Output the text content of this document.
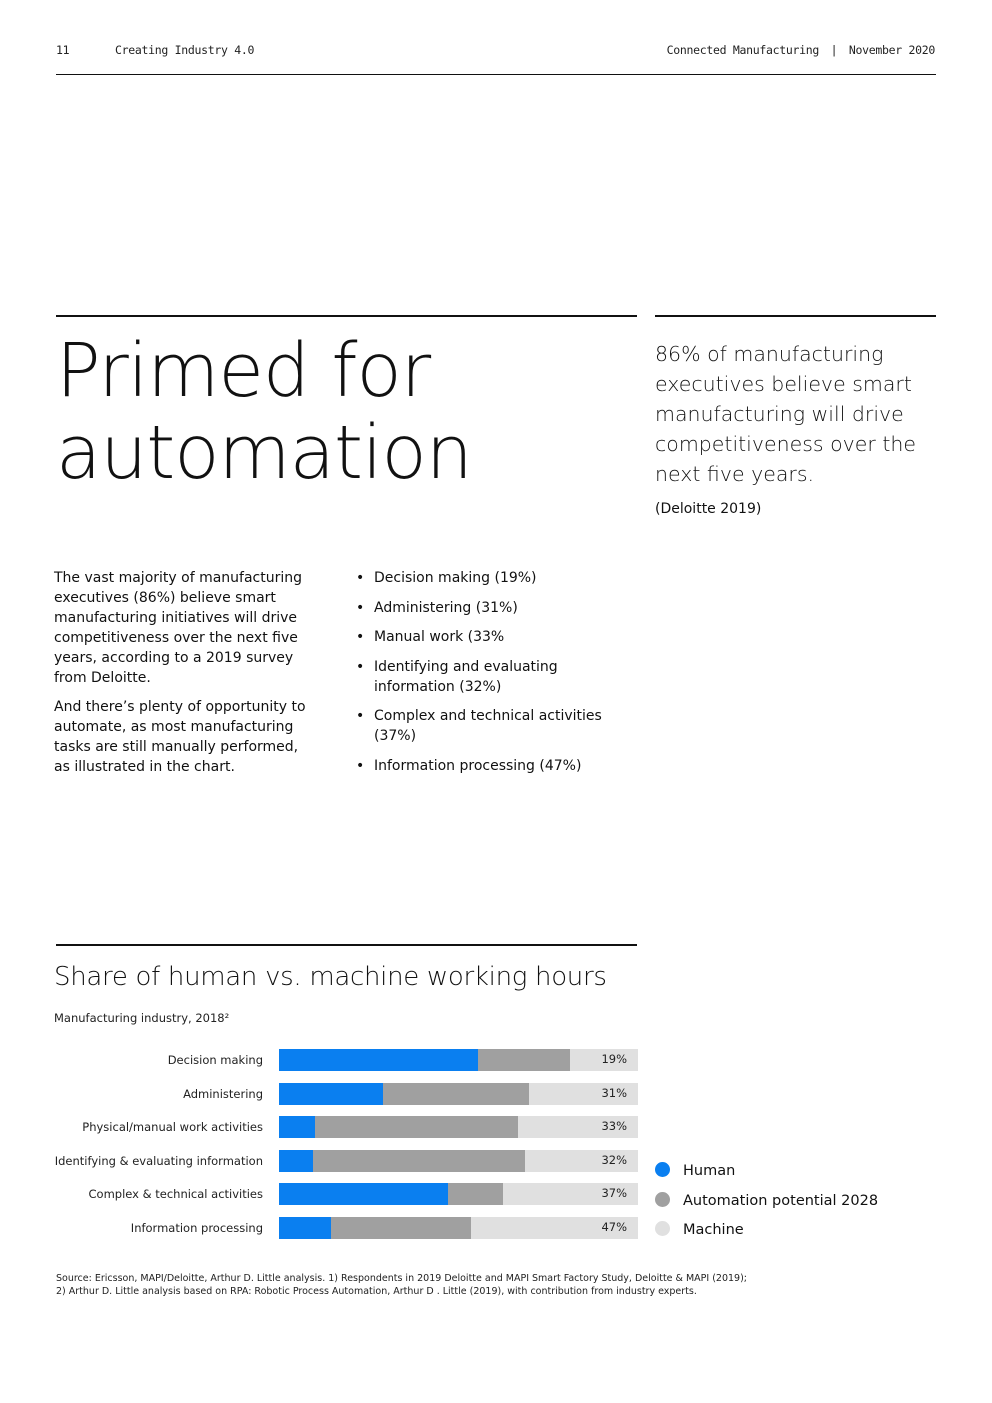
11	Creating Industry 4.0	Connected Manufacturing | November 2020
Primed for
automation
86% of manufacturing executives believe smart manufacturing will drive competitiveness over the next five years.
(Deloitte 2019)

The vast majority of manufacturing executives (86%) believe smart manufacturing initiatives will drive competitiveness over the next five years, according to a 2019 survey from Deloitte.

And there’s plenty of opportunity to automate, as most manufacturing tasks are still manually performed, as illustrated in the chart.

• Decision making (19%)
• Administering (31%)
• Manual work (33%
• Identifying and evaluating information (32%)
• Complex and technical activities (37%)
• Information processing (47%)
Share of human vs. machine working hours
Manufacturing industry, 2018²
Decision making	19%
Administering	31%
Physical/manual work activities	33%
Identifying & evaluating information	32%
Complex & technical activities	37%
Information processing	47%
Human
Automation potential 2028
Machine
Source: Ericsson, MAPI/Deloitte, Arthur D. Little analysis. 1) Respondents in 2019 Deloitte and MAPI Smart Factory Study, Deloitte & MAPI (2019);
2) Arthur D. Little analysis based on RPA: Robotic Process Automation, Arthur D . Little (2019), with contribution from industry experts.
